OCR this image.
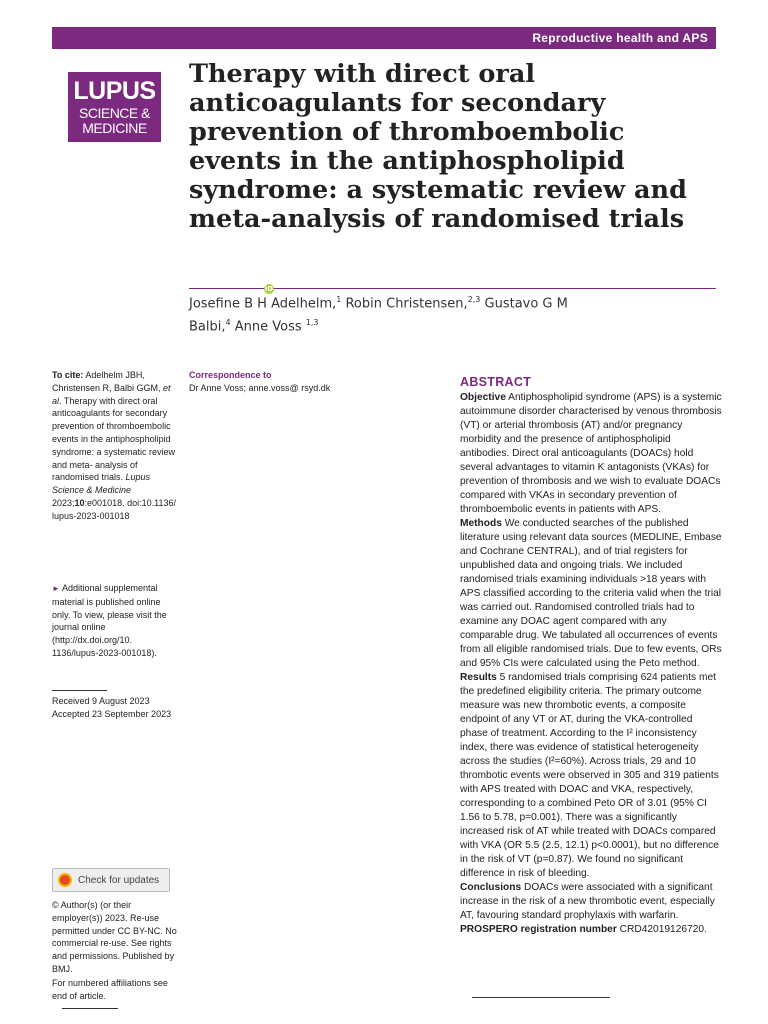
Reproductive health and APS
LUPUS
SCIENCE &
MEDICINE
Therapy with direct oral anticoagulants for secondary prevention of thromboembolic events in the antiphospholipid syndrome: a systematic review and meta-analysis of randomised trials
Josefine B H Adelhelm,$^1$ Robin Christensen,$^{2,3}$ Gustavo G M
Balbi,$^4$ Anne Voss $^{1,3}$
iD
To cite: Adelhelm JBH, Christensen R, Balbi GGM, et al. Therapy with direct oral anticoagulants for secondary prevention of thromboembolic events in the antiphospholipid syndrome: a systematic review and meta- analysis of randomised trials. Lupus Science & Medicine 2023;10:e001018. doi:10.1136/ lupus-2023-001018
► Additional supplemental material is published online only. To view, please visit the journal online (http://dx.doi.org/10. 1136/lupus-2023-001018).
Received 9 August 2023
Accepted 23 September 2023
Check for updates
© Author(s) (or their employer(s)) 2023. Re-use permitted under CC BY-NC. No commercial re-use. See rights and permissions. Published by BMJ.
For numbered affiliations see end of article.
Correspondence to
Dr Anne Voss; anne.voss@ rsyd.dk	ABSTRACT

Objective Antiphospholipid syndrome (APS) is a systemic autoimmune disorder characterised by venous thrombosis (VT) or arterial thrombosis (AT) and/or pregnancy morbidity and the presence of antiphospholipid antibodies. Direct oral anticoagulants (DOACs) hold several advantages to vitamin K antagonists (VKAs) for prevention of thrombosis and we wish to evaluate DOACs compared with VKAs in secondary prevention of thromboembolic events in patients with APS.

Methods We conducted searches of the published literature using relevant data sources (MEDLINE, Embase and Cochrane CENTRAL), and of trial registers for unpublished data and ongoing trials. We included randomised trials examining individuals >18 years with APS classified according to the criteria valid when the trial was carried out. Randomised controlled trials had to examine any DOAC agent compared with any comparable drug. We tabulated all occurrences of events from all eligible randomised trials. Due to few events, ORs and 95% CIs were calculated using the Peto method.

Results 5 randomised trials comprising 624 patients met the predefined eligibility criteria. The primary outcome measure was new thrombotic events, a composite endpoint of any VT or AT, during the VKA-controlled phase of treatment. According to the I² inconsistency index, there was evidence of statistical heterogeneity across the studies (I²=60%). Across trials, 29 and 10 thrombotic events were observed in 305 and 319 patients with APS treated with DOAC and VKA, respectively, corresponding to a combined Peto OR of 3.01 (95% CI 1.56 to 5.78, p=0.001). There was a significantly increased risk of AT while treated with DOACs compared with VKA (OR 5.5 (2.5, 12.1) p<0.0001), but no difference in the risk of VT (p=0.87). We found no significant difference in risk of bleeding.

Conclusions DOACs were associated with a significant increase in the risk of a new thrombotic event, especially AT, favouring standard prophylaxis with warfarin.

PROSPERO registration number CRD42019126720.
